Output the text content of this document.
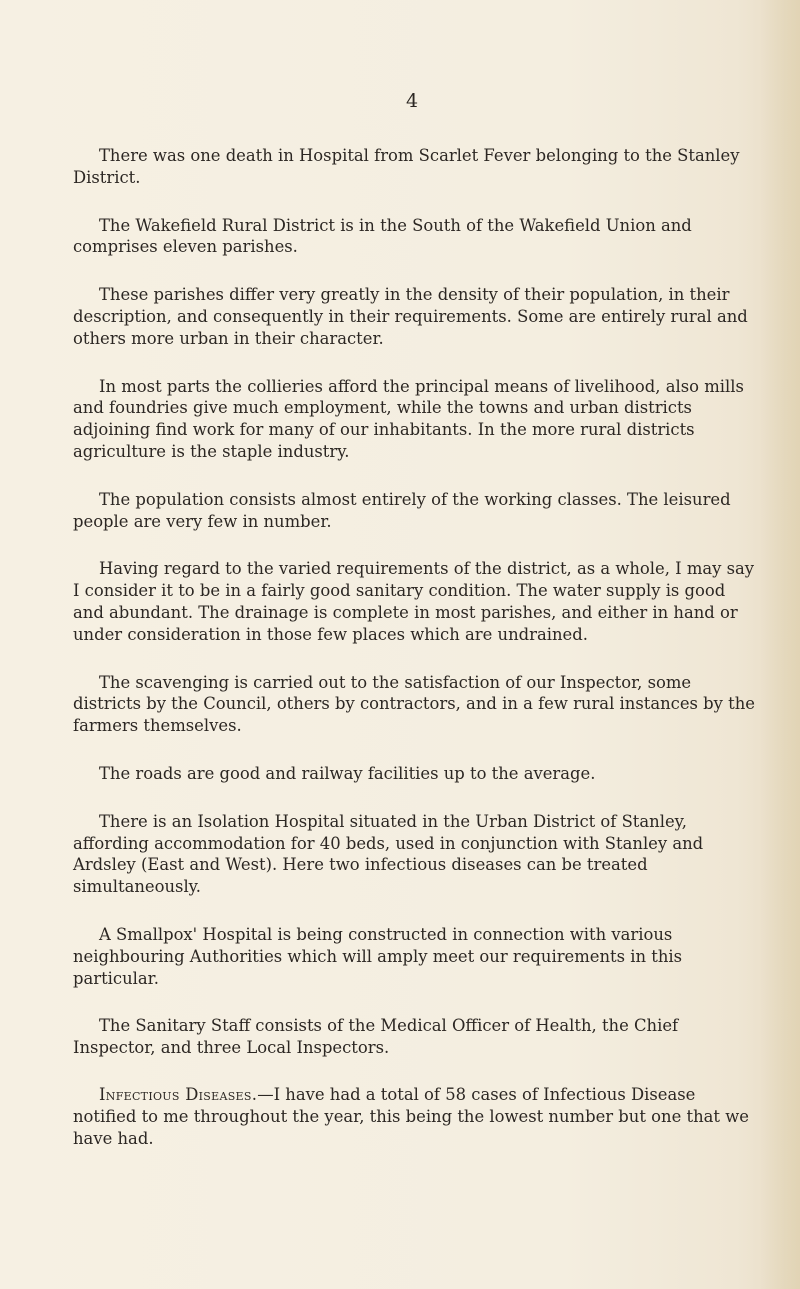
4

There was one death in Hospital from Scarlet Fever belonging to the Stanley District.

The Wakefield Rural District is in the South of the Wakefield Union and comprises eleven parishes.

These parishes differ very greatly in the density of their population, in their description, and consequently in their requirements. Some are entirely rural and others more urban in their character.

In most parts the collieries afford the principal means of livelihood, also mills and foundries give much employment, while the towns and urban districts adjoining find work for many of our inhabitants. In the more rural districts agriculture is the staple industry.

The population consists almost entirely of the working classes. The leisured people are very few in number.

Having regard to the varied requirements of the district, as a whole, I may say I consider it to be in a fairly good sanitary condition. The water supply is good and abundant. The drainage is complete in most parishes, and either in hand or under consideration in those few places which are undrained.

The scavenging is carried out to the satisfaction of our Inspector, some districts by the Council, others by contractors, and in a few rural instances by the farmers themselves.

The roads are good and railway facilities up to the average.

There is an Isolation Hospital situated in the Urban District of Stanley, affording accommodation for 40 beds, used in conjunction with Stanley and Ardsley (East and West). Here two infectious diseases can be treated simultaneously.

A Smallpox' Hospital is being constructed in connection with various neighbouring Authorities which will amply meet our requirements in this particular.

The Sanitary Staff consists of the Medical Officer of Health, the Chief Inspector, and three Local Inspectors.

Infectious Diseases.—I have had a total of 58 cases of Infectious Disease notified to me throughout the year, this being the lowest number but one that we have had.
